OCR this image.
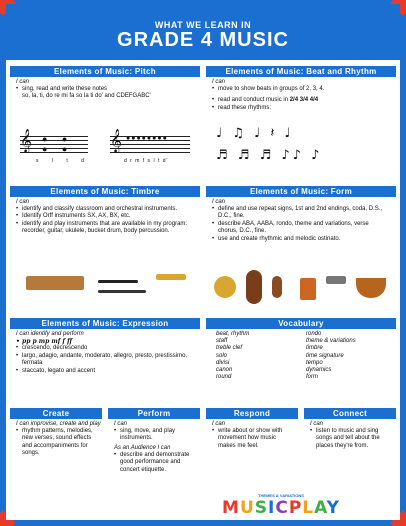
WHAT WE LEARN IN
GRADE 4 MUSIC
Elements of Music: Pitch
I can
• sing, read and write these notes
so, la, ti, do re mi fa so la ti do' and CDEFGABC'
𝄞 ● ● ● ●
s l t d
𝄞 ●●●●●●●●
d r m f s l t d'
Elements of Music: Beat and Rhythm
I can
• move to show beats in groups of 2, 3, 4.
• read and conduct music in 2/4 3/4 4/4
• read these rhythms:
♩ ♫ ♩ 𝄽 ♩
♬ ♬ ♬ ♪♪ ♪
Elements of Music: Timbre
I can
• identify and classify classroom and orchestral instruments.
• Identify Orff instruments SX, AX, BX, etc.
• identify and play instruments that are available in my program: recorder, guitar, ukulele, bucket drum, body percussion.
Elements of Music: Form
I can
• define and use repeat signs, 1st and 2nd endings, coda, D.S., D.C., fine.
• describe ABA, AABA, rondo, theme and variations, verse chorus, D.C., fine.
• use and create rhythmic and melodic ostinato.
Elements of Music: Expression
I can identify and perform
• pp p mp mf f ff
• crescendo, decrescendo
• largo, adagio, andante, moderato, allegro, presto, prestissimo, fermata
• staccato, legato and accent
Vocabulary
beat, rhythm	rondo
staff	theme & variations
treble clef	timbre
solo	time signature
divisi	tempo
canon	dynamics
round	form
Create
I can improvise, create and play
• rhythm patterns, melodies, new verses, sound effects and accompaniments for songs.
Perform
I can
• sing, move, and play instruments.
As an Audience I can
• describe and demonstrate good performance and concert etiquette.
Respond
I can
• write about or show with movement how music makes me feel.
Connect
I can
• listen to music and sing songs and tell about the places they're from.
THEMES & VARIATIONS
MUSICPLAY
